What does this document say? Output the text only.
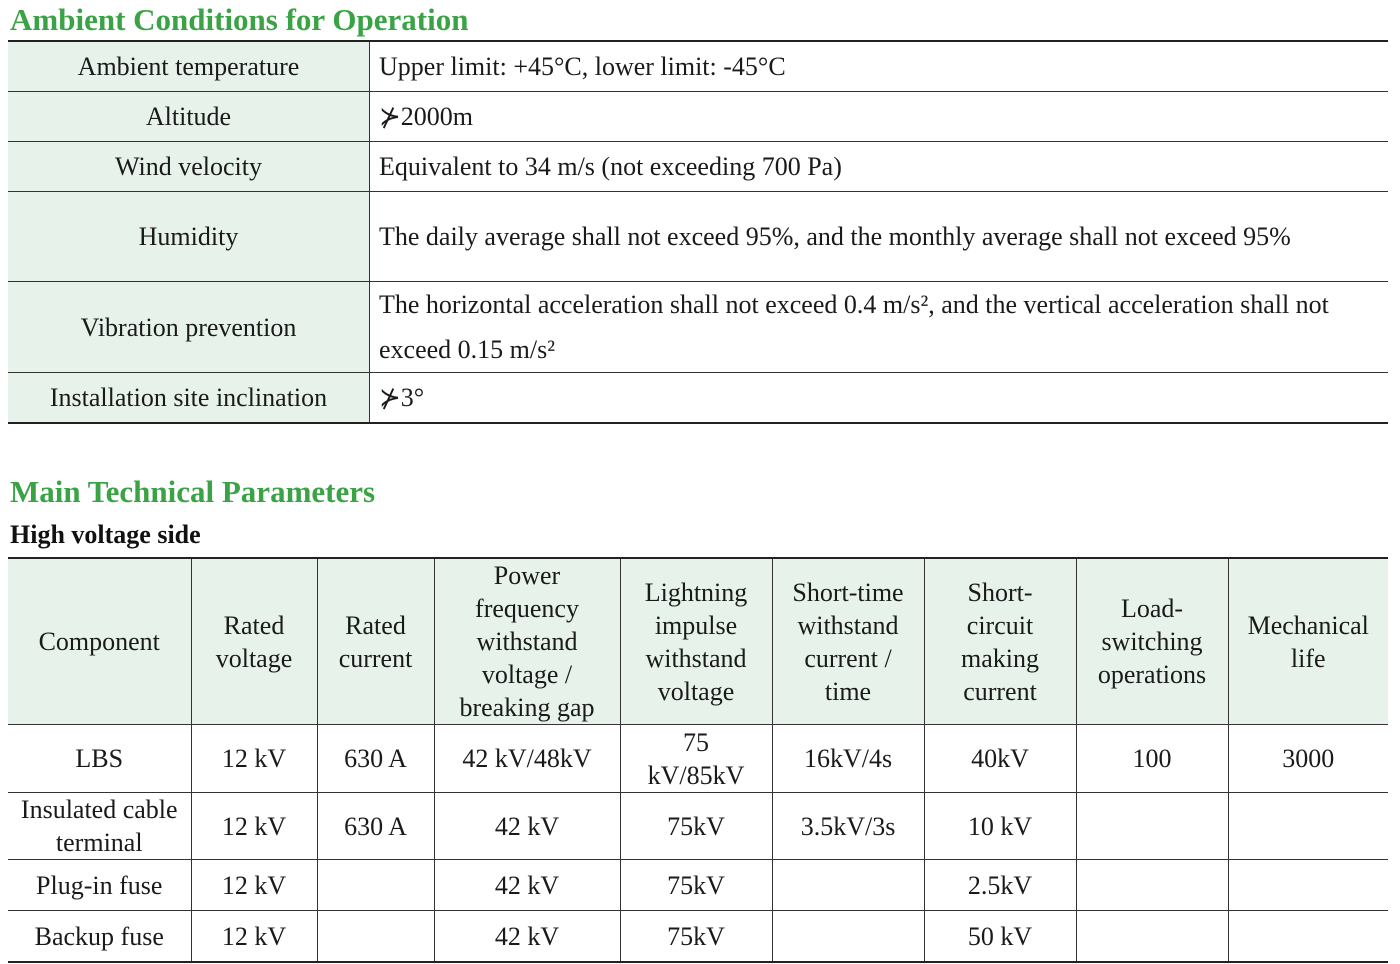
Ambient Conditions for Operation
Ambient temperature	Upper limit: +45°C, lower limit: -45°C
Altitude	⊁2000m
Wind velocity	Equivalent to 34 m/s (not exceeding 700 Pa)
Humidity	The daily average shall not exceed 95%, and the monthly average shall not exceed 95%
Vibration prevention	The horizontal acceleration shall not exceed 0.4 m/s², and the vertical acceleration shall not exceed 0.15 m/s²
Installation site inclination	⊁3°
Main Technical Parameters
High voltage side
Component	Rated voltage	Rated current	Power frequency withstand voltage / breaking gap	Lightning impulse withstand voltage	Short-time withstand current / time	Short-circuit making current	Load-switching operations	Mechanical life
LBS	12 kV	630 A	42 kV/48kV	75 kV/85kV	16kV/4s	40kV	100	3000
Insulated cable terminal	12 kV	630 A	42 kV	75kV	3.5kV/3s	10 kV		
Plug-in fuse	12 kV		42 kV	75kV		2.5kV		
Backup fuse	12 kV		42 kV	75kV		50 kV		
